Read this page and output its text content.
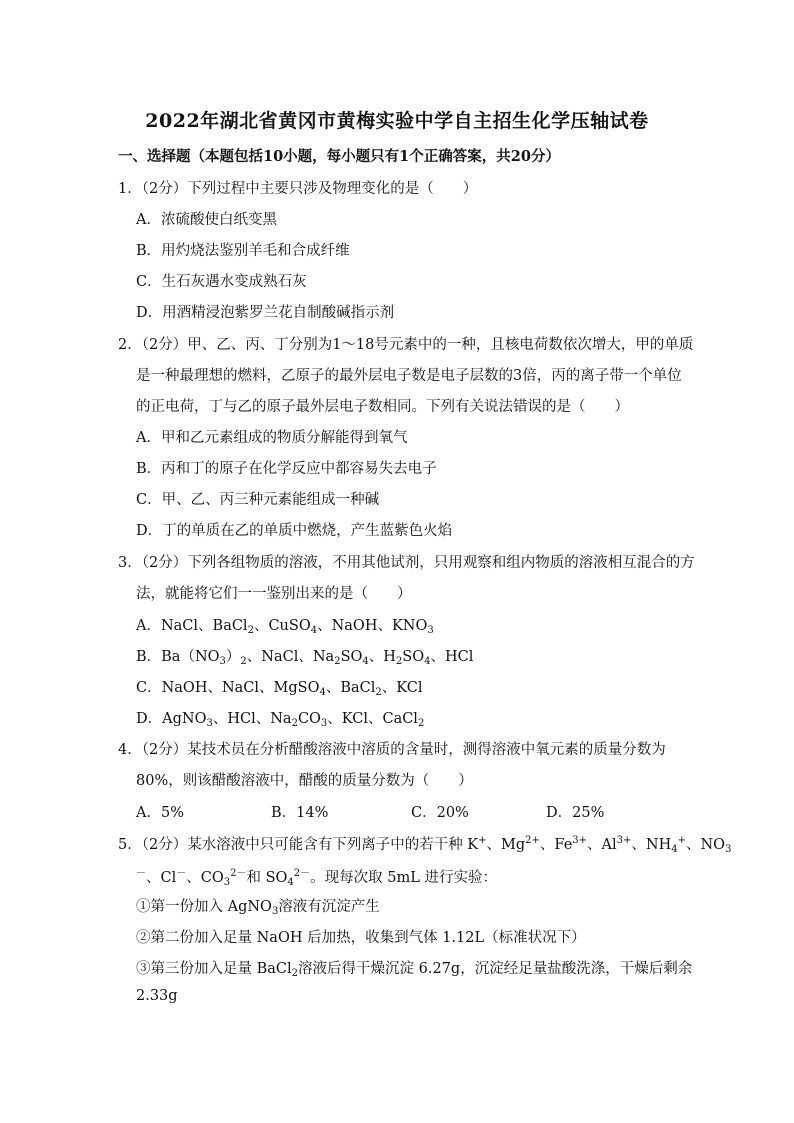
2022年湖北省黄冈市黄梅实验中学自主招生化学压轴试卷
一、选择题（本题包括10小题，每小题只有1个正确答案，共20分）
1．（2分）下列过程中主要只涉及物理变化的是（　　）
A．浓硫酸使白纸变黑
B．用灼烧法鉴别羊毛和合成纤维
C．生石灰遇水变成熟石灰
D．用酒精浸泡紫罗兰花自制酸碱指示剂
2．（2分）甲、乙、丙、丁分别为1～18号元素中的一种，且核电荷数依次增大，甲的单质
是一种最理想的燃料，乙原子的最外层电子数是电子层数的3倍，丙的离子带一个单位
的正电荷，丁与乙的原子最外层电子数相同。下列有关说法错误的是（　　）
A．甲和乙元素组成的物质分解能得到氧气
B．丙和丁的原子在化学反应中都容易失去电子
C．甲、乙、丙三种元素能组成一种碱
D．丁的单质在乙的单质中燃烧，产生蓝紫色火焰
3．（2分）下列各组物质的溶液，不用其他试剂，只用观察和组内物质的溶液相互混合的方
法，就能将它们一一鉴别出来的是（　　）
A．NaCl、BaCl$_2$、CuSO$_4$、NaOH、$KNO_3$
B．$Ba(NO_3)_2$、NaCl、$Na_2SO_4$、$H_2SO_4$、HCl
C．NaOH、NaCl、MgSO$_4$、BaCl$_2$、KCl
D．AgNO$_3$、HCl、$Na_2CO_3$、KCl、CaCl$_2$
4．（2分）某技术员在分析醋酸溶液中溶质的含量时，测得溶液中氧元素的质量分数为
80%，则该醋酸溶液中，醋酸的质量分数为（　　）
A．5%	B．14%	C．20%	D．25%
5．（2分）某水溶液中只可能含有下列离子中的若干种 K+、$Mg^{2+}$、$Fe^{3+}$、$Al^{3+}$、$NH_4^+$、$NO_3$
－、Cl－、$CO_3^{2-}$和 $SO_4^{2-}$。现每次取 5mL 进行实验：
①第一份加入 AgNO$_3$溶液有沉淀产生
②第二份加入足量 NaOH 后加热，收集到气体 1.12L（标准状况下）
③第三份加入足量 BaCl$_2$溶液后得干燥沉淀 6.27g，沉淀经足量盐酸洗涤，干燥后剩余
2.33g
